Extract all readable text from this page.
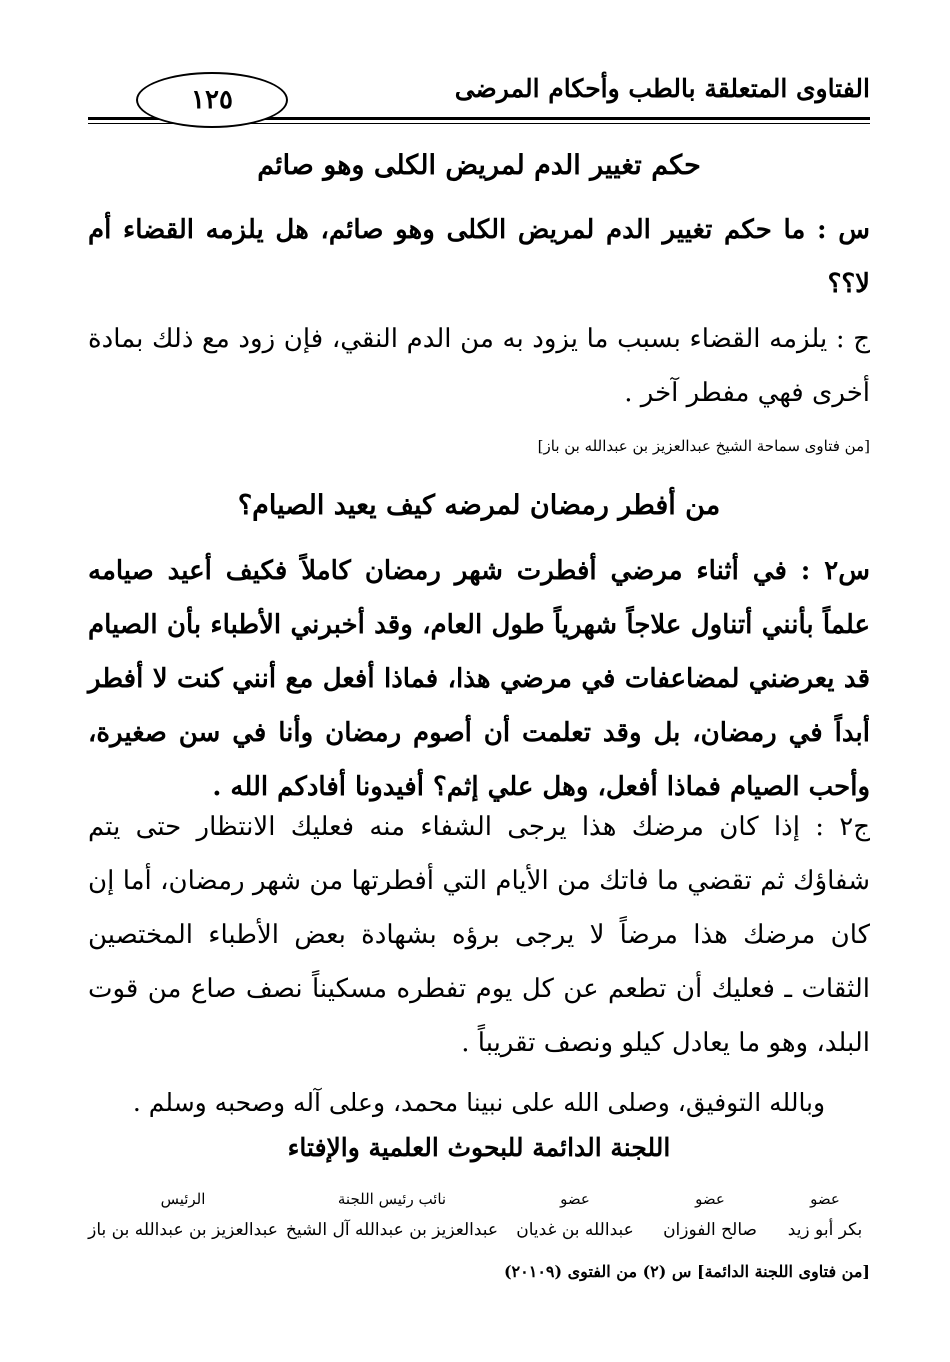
الفتاوى المتعلقة بالطب وأحكام المرضى
١٢٥
حكم تغيير الدم لمريض الكلى وهو صائم
س : ما حكم تغيير الدم لمريض الكلى وهو صائم، هل يلزمه القضاء أم لا؟؟
ج : يلزمه القضاء بسبب ما يزود به من الدم النقي، فإن زود مع ذلك بمادة أخرى فهي مفطر آخر .
[من فتاوى سماحة الشيخ عبدالعزيز بن عبدالله بن باز]
من أفطر رمضان لمرضه كيف يعيد الصيام؟
س٢ : في أثناء مرضي أفطرت شهر رمضان كاملاً فكيف أعيد صيامه علماً بأنني أتناول علاجاً شهرياً طول العام، وقد أخبرني الأطباء بأن الصيام قد يعرضني لمضاعفات في مرضي هذا، فماذا أفعل مع أنني كنت لا أفطر أبداً في رمضان، بل وقد تعلمت أن أصوم رمضان وأنا في سن صغيرة، وأحب الصيام فماذا أفعل، وهل علي إثم؟ أفيدونا أفادكم الله .
ج٢ : إذا كان مرضك هذا يرجى الشفاء منه فعليك الانتظار حتى يتم شفاؤك ثم تقضي ما فاتك من الأيام التي أفطرتها من شهر رمضان، أما إن كان مرضك هذا مرضاً لا يرجى برؤه بشهادة بعض الأطباء المختصين الثقات ـ فعليك أن تطعم عن كل يوم تفطره مسكيناً نصف صاع من قوت البلد، وهو ما يعادل كيلو ونصف تقريباً .
وبالله التوفيق، وصلى الله على نبينا محمد، وعلى آله وصحبه وسلم .
اللجنة الدائمة للبحوث العلمية والإفتاء
عضو
بكر أبو زيد
عضو
صالح الفوزان
عضو
عبدالله بن غديان
نائب رئيس اللجنة
عبدالعزيز بن عبدالله آل الشيخ
الرئيس
عبدالعزيز بن عبدالله بن باز
[من فتاوى اللجنة الدائمة] س (٢) من الفتوى (٢٠١٠٩)
